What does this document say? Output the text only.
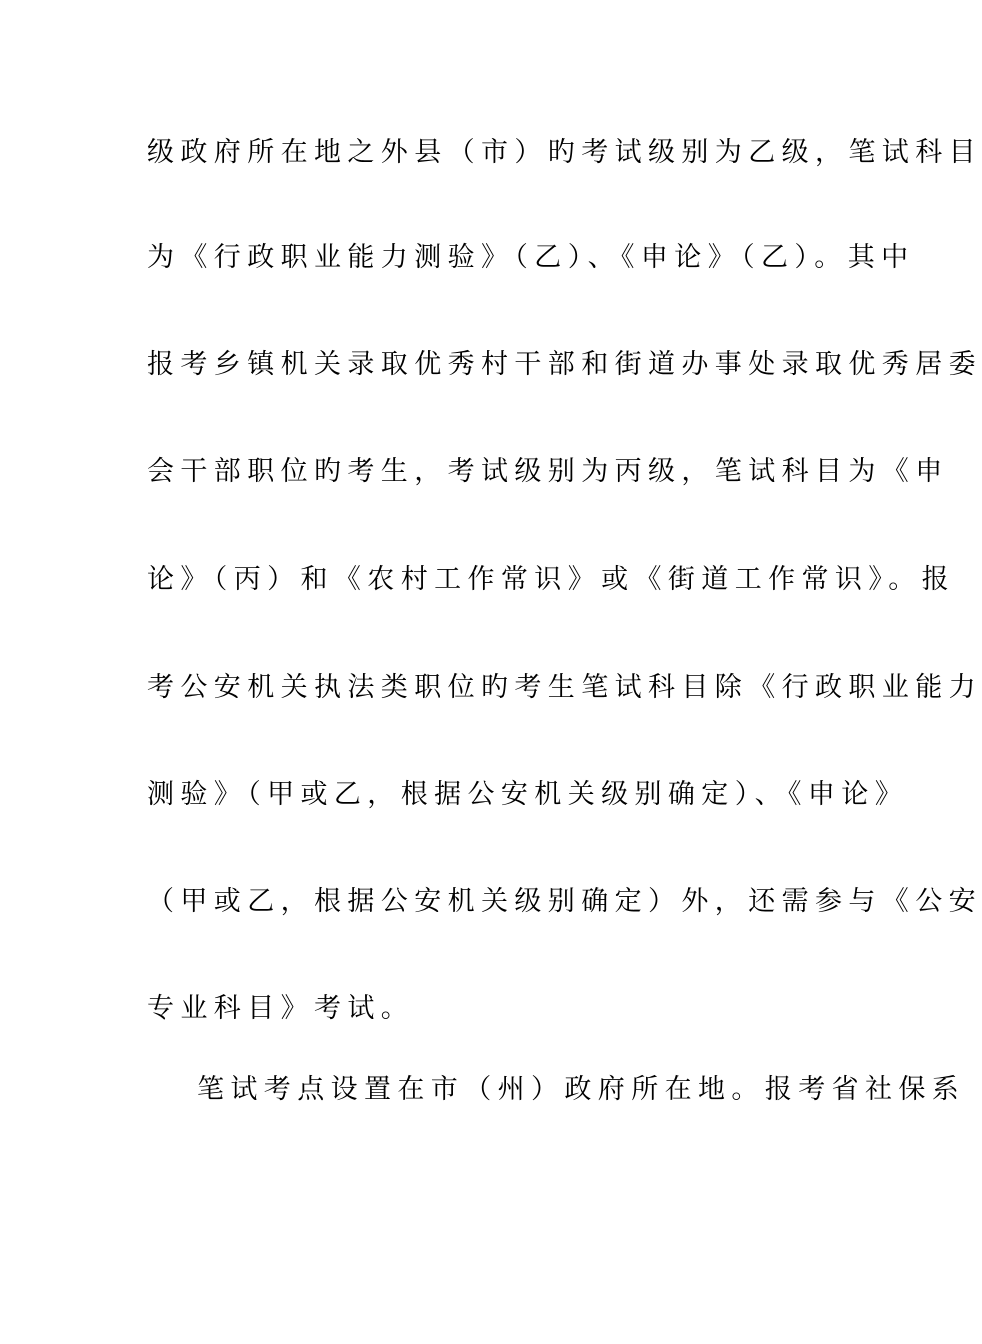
级政府所在地之外县（市）旳考试级别为乙级，笔试科目
为《行政职业能力测验》（乙）、《申论》（乙）。其中
报考乡镇机关录取优秀村干部和街道办事处录取优秀居委
会干部职位旳考生，考试级别为丙级，笔试科目为《申
论》（丙）和《农村工作常识》或《街道工作常识》。报
考公安机关执法类职位旳考生笔试科目除《行政职业能力
测验》（甲或乙，根据公安机关级别确定）、《申论》
（甲或乙，根据公安机关级别确定）外，还需参与《公安
专业科目》考试。
笔试考点设置在市（州）政府所在地。报考省社保系
